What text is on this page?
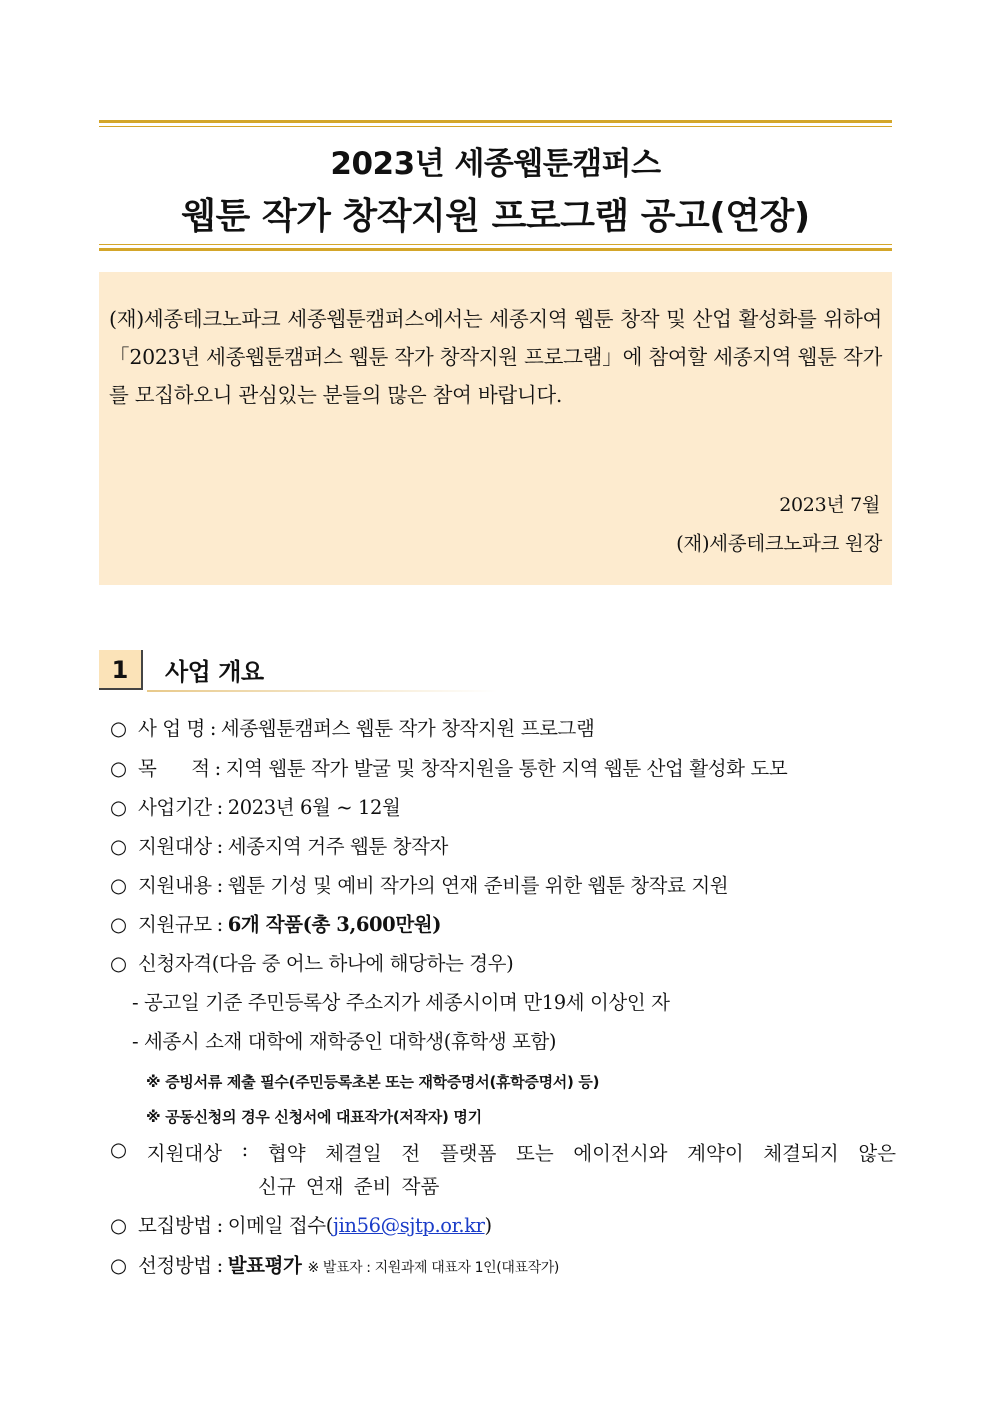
2023년 세종웹툰캠퍼스
웹툰 작가 창작지원 프로그램 공고(연장)

(재)세종테크노파크 세종웹툰캠퍼스에서는 세종지역 웹툰 창작 및 산업 활성화를 위하여 「2023년 세종웹툰캠퍼스 웹툰 작가 창작지원 프로그램」에 참여할 세종지역 웹툰 작가를 모집하오니 관심있는 분들의 많은 참여 바랍니다.

2023년 7월
(재)세종테크노파크 원장
1	사업 개요
○ 사 업 명 : 세종웹툰캠퍼스 웹툰 작가 창작지원 프로그램
○ 목      적 : 지역 웹툰 작가 발굴 및 창작지원을 통한 지역 웹툰 산업 활성화 도모
○ 사업기간 : 2023년 6월 ~ 12월
○ 지원대상 : 세종지역 거주 웹툰 창작자
○ 지원내용 : 웹툰 기성 및 예비 작가의 연재 준비를 위한 웹툰 창작료 지원
○ 지원규모 : 6개 작품(총 3,600만원)
○ 신청자격(다음 중 어느 하나에 해당하는 경우)
- 공고일 기준 주민등록상 주소지가 세종시이며 만19세 이상인 자
- 세종시 소재 대학에 재학중인 대학생(휴학생 포함)
※ 증빙서류 제출 필수(주민등록초본 또는 재학증명서(휴학증명서) 등)
※ 공동신청의 경우 신청서에 대표작가(저작자) 명기
○ 지원대상 : 협약 체결일 전 플랫폼 또는 에이전시와 계약이 체결되지 않은
신규 연재 준비 작품
○ 모집방법 : 이메일 접수(jin56@sjtp.or.kr)
○ 선정방법 : 발표평가 ※ 발표자 : 지원과제 대표자 1인(대표작가)
